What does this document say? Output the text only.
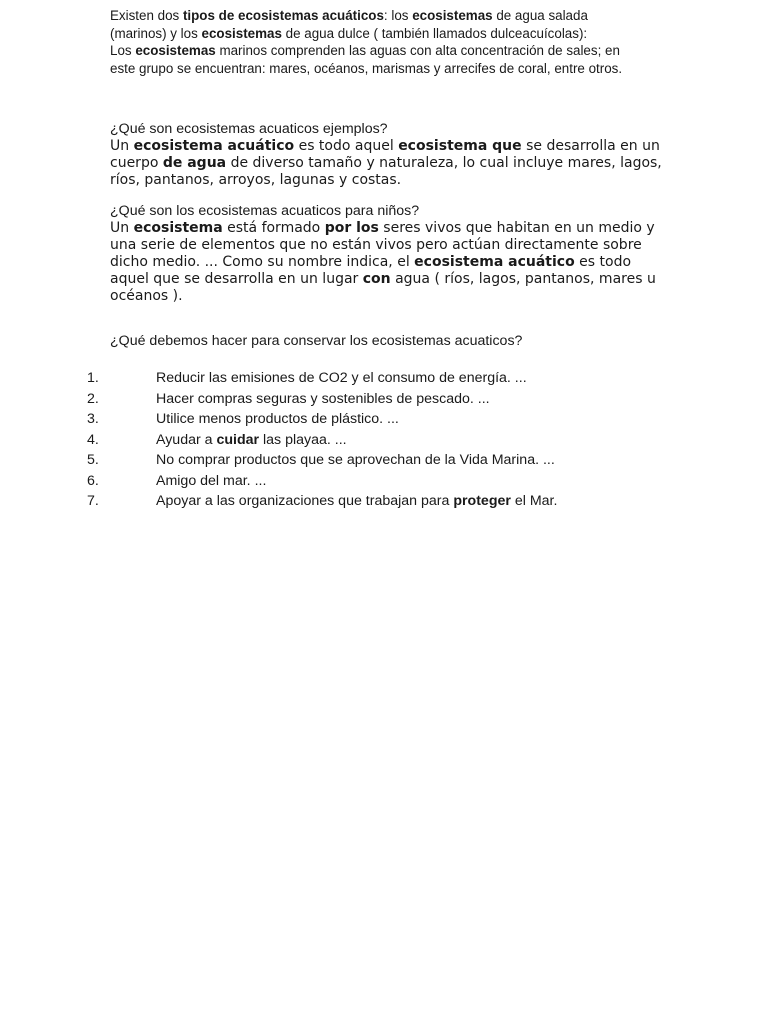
Existen dos tipos de ecosistemas acuáticos: los ecosistemas de agua salada

(marinos) y los ecosistemas de agua dulce ( también llamados dulceacuícolas):

Los ecosistemas marinos comprenden las aguas con alta concentración de sales; en

este grupo se encuentran: mares, océanos, marismas y arrecifes de coral, entre otros.

¿Qué son ecosistemas acuaticos ejemplos?

Un ecosistema acuático es todo aquel ecosistema que se desarrolla en un cuerpo de agua de diverso tamaño y naturaleza, lo cual incluye mares, lagos, ríos, pantanos, arroyos, lagunas y costas.

¿Qué son los ecosistemas acuaticos para niños?

Un ecosistema está formado por los seres vivos que habitan en un medio y una serie de elementos que no están vivos pero actúan directamente sobre dicho medio. ... Como su nombre indica, el ecosistema acuático es todo aquel que se desarrolla en un lugar con agua ( ríos, lagos, pantanos, mares u océanos ).

¿Qué debemos hacer para conservar los ecosistemas acuaticos?

1.	Reducir las emisiones de CO2 y el consumo de energía. ...
2.	Hacer compras seguras y sostenibles de pescado. ...
3.	Utilice menos productos de plástico. ...
4.	Ayudar a cuidar las playaa. ...
5.	No comprar productos que se aprovechan de la Vida Marina. ...
6.	Amigo del mar. ...
7.	Apoyar a las organizaciones que trabajan para proteger el Mar.
